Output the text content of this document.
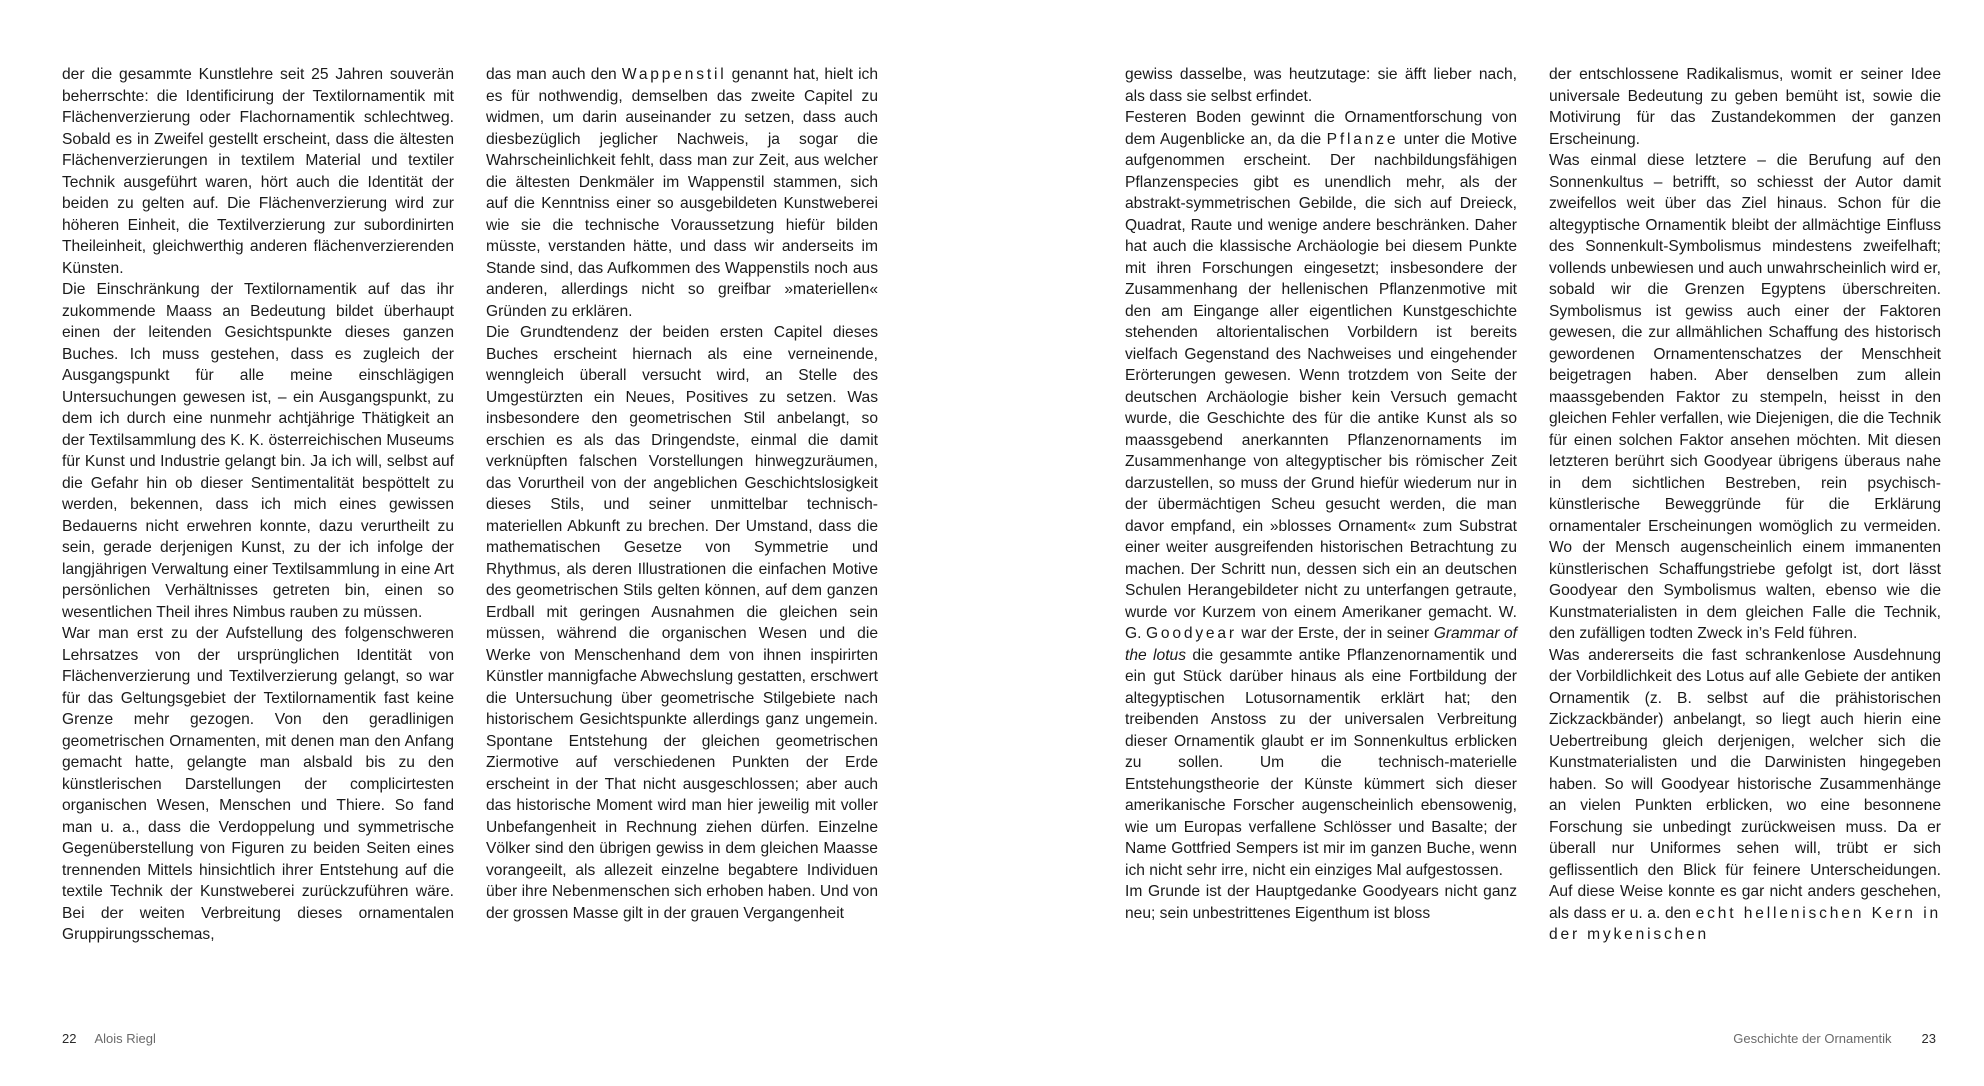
der die gesammte Kunstlehre seit 25 Jahren souverän beherrschte: die Identificirung der Textilornamentik mit Flächenverzierung oder Flachornamentik schlechtweg. Sobald es in Zweifel gestellt erscheint, dass die ältesten Flächenverzierungen in textilem Material und textiler Technik ausgeführt waren, hört auch die Identität der beiden zu gelten auf. Die Flächenverzierung wird zur höheren Einheit, die Textilverzierung zur subordinirten Theileinheit, gleichwerthig anderen flächenverzierenden Künsten.

Die Einschränkung der Textilornamentik auf das ihr zukommende Maass an Bedeutung bildet überhaupt einen der leitenden Gesichtspunkte dieses ganzen Buches. Ich muss gestehen, dass es zugleich der Ausgangspunkt für alle meine einschlägigen Untersuchungen gewesen ist, – ein Ausgangspunkt, zu dem ich durch eine nunmehr achtjährige Thätigkeit an der Textilsammlung des K. K. österreichischen Museums für Kunst und Industrie gelangt bin. Ja ich will, selbst auf die Gefahr hin ob dieser Sentimentalität bespöttelt zu werden, bekennen, dass ich mich eines gewissen Bedauerns nicht erwehren konnte, dazu verurtheilt zu sein, gerade derjenigen Kunst, zu der ich infolge der langjährigen Verwaltung einer Textilsammlung in eine Art persönlichen Verhältnisses getreten bin, einen so wesentlichen Theil ihres Nimbus rauben zu müssen.

War man erst zu der Aufstellung des folgenschweren Lehrsatzes von der ursprünglichen Identität von Flächenverzierung und Textilverzierung gelangt, so war für das Geltungsgebiet der Textilornamentik fast keine Grenze mehr gezogen. Von den geradlinigen geometrischen Ornamenten, mit denen man den Anfang gemacht hatte, gelangte man alsbald bis zu den künstlerischen Darstellungen der complicirtesten organischen Wesen, Menschen und Thiere. So fand man u. a., dass die Verdoppelung und symmetrische Gegenüberstellung von Figuren zu beiden Seiten eines trennenden Mittels hinsichtlich ihrer Entstehung auf die textile Technik der Kunstweberei zurückzuführen wäre. Bei der weiten Verbreitung dieses ornamentalen Gruppirungsschemas,

das man auch den Wappenstil genannt hat, hielt ich es für nothwendig, demselben das zweite Capitel zu widmen, um darin auseinander zu setzen, dass auch diesbezüglich jeglicher Nachweis, ja sogar die Wahrscheinlichkeit fehlt, dass man zur Zeit, aus welcher die ältesten Denkmäler im Wappenstil stammen, sich auf die Kenntniss einer so ausgebildeten Kunstweberei wie sie die technische Voraussetzung hiefür bilden müsste, verstanden hätte, und dass wir anderseits im Stande sind, das Aufkommen des Wappenstils noch aus anderen, allerdings nicht so greifbar »materiellen« Gründen zu erklären.

Die Grundtendenz der beiden ersten Capitel dieses Buches erscheint hiernach als eine verneinende, wenngleich überall versucht wird, an Stelle des Umgestürzten ein Neues, Positives zu setzen. Was insbesondere den geometrischen Stil anbelangt, so erschien es als das Dringendste, einmal die damit verknüpften falschen Vorstellungen hinwegzuräumen, das Vorurtheil von der angeblichen Geschichtslosigkeit dieses Stils, und seiner unmittelbar technisch-materiellen Abkunft zu brechen. Der Umstand, dass die mathematischen Gesetze von Symmetrie und Rhythmus, als deren Illustrationen die einfachen Motive des geometrischen Stils gelten können, auf dem ganzen Erdball mit geringen Ausnahmen die gleichen sein müssen, während die organischen Wesen und die Werke von Menschenhand dem von ihnen inspirirten Künstler mannigfache Abwechslung gestatten, erschwert die Untersuchung über geometrische Stilgebiete nach historischem Gesichtspunkte allerdings ganz ungemein. Spontane Entstehung der gleichen geometrischen Ziermotive auf verschiedenen Punkten der Erde erscheint in der That nicht ausgeschlossen; aber auch das historische Moment wird man hier jeweilig mit voller Unbefangenheit in Rechnung ziehen dürfen. Einzelne Völker sind den übrigen gewiss in dem gleichen Maasse vorangeeilt, als allezeit einzelne begabtere Individuen über ihre Nebenmenschen sich erhoben haben. Und von der grossen Masse gilt in der grauen Vergangenheit

gewiss dasselbe, was heutzutage: sie äfft lieber nach, als dass sie selbst erfindet.

Festeren Boden gewinnt die Ornamentforschung von dem Augenblicke an, da die Pflanze unter die Motive aufgenommen erscheint. Der nachbildungsfähigen Pflanzenspecies gibt es unendlich mehr, als der abstrakt-symmetrischen Gebilde, die sich auf Dreieck, Quadrat, Raute und wenige andere beschränken. Daher hat auch die klassische Archäologie bei diesem Punkte mit ihren Forschungen eingesetzt; insbesondere der Zusammenhang der hellenischen Pflanzenmotive mit den am Eingange aller eigentlichen Kunstgeschichte stehenden altorientalischen Vorbildern ist bereits vielfach Gegenstand des Nachweises und eingehender Erörterungen gewesen. Wenn trotzdem von Seite der deutschen Archäologie bisher kein Versuch gemacht wurde, die Geschichte des für die antike Kunst als so maassgebend anerkannten Pflanzenornaments im Zusammenhange von altegyptischer bis römischer Zeit darzustellen, so muss der Grund hiefür wiederum nur in der übermächtigen Scheu gesucht werden, die man davor empfand, ein »blosses Ornament« zum Substrat einer weiter ausgreifenden historischen Betrachtung zu machen. Der Schritt nun, dessen sich ein an deutschen Schulen Herangebildeter nicht zu unterfangen getraute, wurde vor Kurzem von einem Amerikaner gemacht. W. G. Goodyear war der Erste, der in seiner Grammar of the lotus die gesammte antike Pflanzenornamentik und ein gut Stück darüber hinaus als eine Fortbildung der altegyptischen Lotusornamentik erklärt hat; den treibenden Anstoss zu der universalen Verbreitung dieser Ornamentik glaubt er im Sonnenkultus erblicken zu sollen. Um die technisch-materielle Entstehungstheorie der Künste kümmert sich dieser amerikanische Forscher augenscheinlich ebensowenig, wie um Europas verfallene Schlösser und Basalte; der Name Gottfried Sempers ist mir im ganzen Buche, wenn ich nicht sehr irre, nicht ein einziges Mal aufgestossen.

Im Grunde ist der Hauptgedanke Goodyears nicht ganz neu; sein unbestrittenes Eigenthum ist bloss

der entschlossene Radikalismus, womit er seiner Idee universale Bedeutung zu geben bemüht ist, sowie die Motivirung für das Zustandekommen der ganzen Erscheinung.

Was einmal diese letztere – die Berufung auf den Sonnenkultus – betrifft, so schiesst der Autor damit zweifellos weit über das Ziel hinaus. Schon für die altegyptische Ornamentik bleibt der allmächtige Einfluss des Sonnenkult-Symbolismus mindestens zweifelhaft; vollends unbewiesen und auch unwahrscheinlich wird er, sobald wir die Grenzen Egyptens überschreiten. Symbolismus ist gewiss auch einer der Faktoren gewesen, die zur allmählichen Schaffung des historisch gewordenen Ornamentenschatzes der Menschheit beigetragen haben. Aber denselben zum allein maassgebenden Faktor zu stempeln, heisst in den gleichen Fehler verfallen, wie Diejenigen, die die Technik für einen solchen Faktor ansehen möchten. Mit diesen letzteren berührt sich Goodyear übrigens überaus nahe in dem sichtlichen Bestreben, rein psychisch-künstlerische Beweggründe für die Erklärung ornamentaler Erscheinungen womöglich zu vermeiden. Wo der Mensch augenscheinlich einem immanenten künstlerischen Schaffungstriebe gefolgt ist, dort lässt Goodyear den Symbolismus walten, ebenso wie die Kunstmaterialisten in dem gleichen Falle die Technik, den zufälligen todten Zweck in’s Feld führen.

Was andererseits die fast schrankenlose Ausdehnung der Vorbildlichkeit des Lotus auf alle Gebiete der antiken Ornamentik (z. B. selbst auf die prähistorischen Zickzackbänder) anbelangt, so liegt auch hierin eine Uebertreibung gleich derjenigen, welcher sich die Kunstmaterialisten und die Darwinisten hingegeben haben. So will Goodyear historische Zusammenhänge an vielen Punkten erblicken, wo eine besonnene Forschung sie unbedingt zurückweisen muss. Da er überall nur Uniformes sehen will, trübt er sich geflissentlich den Blick für feinere Unterscheidungen. Auf diese Weise konnte es gar nicht anders geschehen, als dass er u. a. den echt hellenischen Kern in der mykenischen

22 Alois Riegl	Geschichte der Ornamentik 23
